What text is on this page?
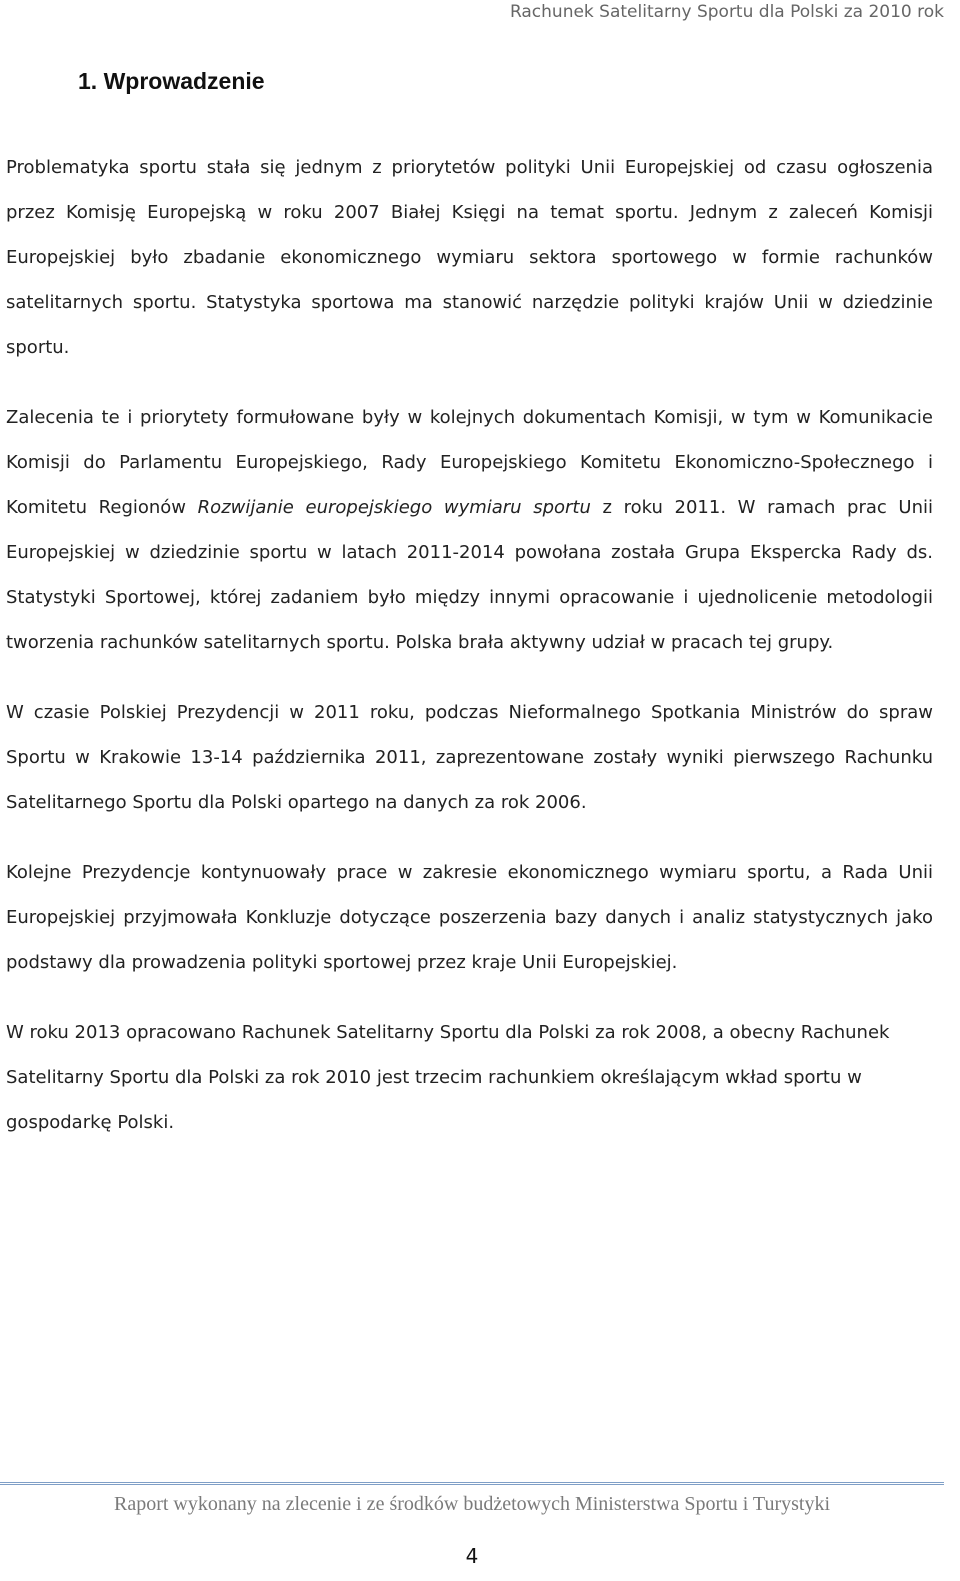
Rachunek Satelitarny Sportu dla Polski za 2010 rok
1. Wprowadzenie

Problematyka sportu stała się jednym z priorytetów polityki Unii Europejskiej od czasu ogłoszenia przez Komisję Europejską w roku 2007 Białej Księgi na temat sportu. Jednym z zaleceń Komisji Europejskiej było zbadanie ekonomicznego wymiaru sektora sportowego w formie rachunków satelitarnych sportu. Statystyka sportowa ma stanowić narzędzie polityki krajów Unii w dziedzinie sportu.

Zalecenia te i priorytety formułowane były w kolejnych dokumentach Komisji, w tym w Komunikacie Komisji do Parlamentu Europejskiego, Rady Europejskiego Komitetu Ekonomiczno-Społecznego i Komitetu Regionów Rozwijanie europejskiego wymiaru sportu z roku 2011. W ramach prac Unii Europejskiej w dziedzinie sportu w latach 2011-2014 powołana została Grupa Ekspercka Rady ds. Statystyki Sportowej, której zadaniem było między innymi opracowanie i ujednolicenie metodologii tworzenia rachunków satelitarnych sportu. Polska brała aktywny udział w pracach tej grupy.

W czasie Polskiej Prezydencji w 2011 roku, podczas Nieformalnego Spotkania Ministrów do spraw Sportu w Krakowie 13-14 października 2011, zaprezentowane zostały wyniki pierwszego Rachunku Satelitarnego Sportu dla Polski opartego na danych za rok 2006.

Kolejne Prezydencje kontynuowały prace w zakresie ekonomicznego wymiaru sportu, a Rada Unii Europejskiej przyjmowała Konkluzje dotyczące poszerzenia bazy danych i analiz statystycznych jako podstawy dla prowadzenia polityki sportowej przez kraje Unii Europejskiej.

W roku 2013 opracowano Rachunek Satelitarny Sportu dla Polski za rok 2008, a obecny Rachunek Satelitarny Sportu dla Polski za rok 2010 jest trzecim rachunkiem określającym wkład sportu w gospodarkę Polski.

Raport wykonany na zlecenie i ze środków budżetowych Ministerstwa Sportu i Turystyki
4
